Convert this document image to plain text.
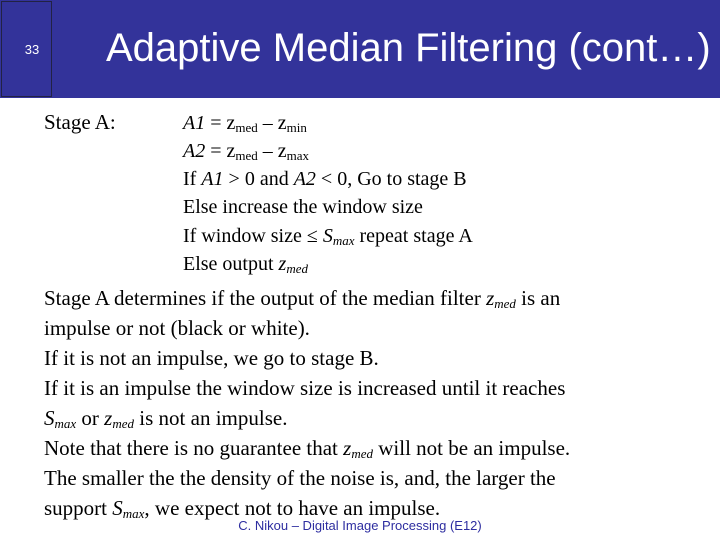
33	Adaptive Median Filtering (cont…)
Stage A:	$A1 = z_{med} - z_{min}$
$A2 = z_{med} - z_{max}$
If A1 > 0 and A2 < 0, Go to stage B
Else increase the window size
If window size ≤ $S_{max}$ repeat stage A
Else output $z_{med}$
Stage A determines if the output of the median filter $z_{med}$ is an
impulse or not (black or white).
If it is not an impulse, we go to stage B.
If it is an impulse the window size is increased until it reaches
$S_{max}$ or $z_{med}$ is not an impulse.
Note that there is no guarantee that $z_{med}$ will not be an impulse.
The smaller the the density of the noise is, and, the larger the
support $S_{max}$, we expect not to have an impulse.
C. Nikou – Digital Image Processing (E12)
